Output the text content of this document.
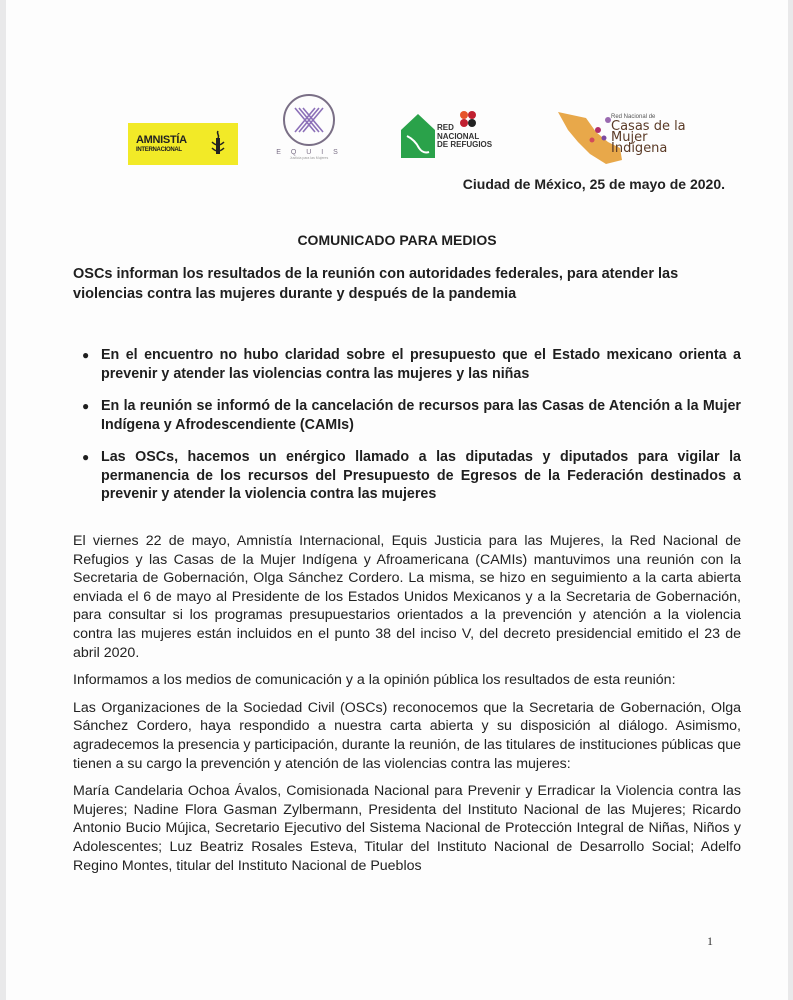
AMNISTÍA
INTERNACIONAL	E Q U I S
Justicia para las Mujeres
RED
NACIONAL
DE REFUGIOS
Red Nacional de
Casas de la
Mujer
Indígena
Ciudad de México, 25 de mayo de 2020.
COMUNICADO PARA MEDIOS
OSCs informan los resultados de la reunión con autoridades federales, para atender las violencias contra las mujeres durante y después de la pandemia
● En el encuentro no hubo claridad sobre el presupuesto que el Estado mexicano orienta a prevenir y atender las violencias contra las mujeres y las niñas
● En la reunión se informó de la cancelación de recursos para las Casas de Atención a la Mujer Indígena y Afrodescendiente (CAMIs)
● Las OSCs, hacemos un enérgico llamado a las diputadas y diputados para vigilar la permanencia de los recursos del Presupuesto de Egresos de la Federación destinados a prevenir y atender la violencia contra las mujeres

El viernes 22 de mayo, Amnistía Internacional, Equis Justicia para las Mujeres, la Red Nacional de Refugios y las Casas de la Mujer Indígena y Afroamericana (CAMIs) mantuvimos una reunión con la Secretaria de Gobernación, Olga Sánchez Cordero. La misma, se hizo en seguimiento a la carta abierta enviada el 6 de mayo al Presidente de los Estados Unidos Mexicanos y a la Secretaria de Gobernación, para consultar si los programas presupuestarios orientados a la prevención y atención a la violencia contra las mujeres están incluidos en el punto 38 del inciso V, del decreto presidencial emitido el 23 de abril 2020.

Informamos a los medios de comunicación y a la opinión pública los resultados de esta reunión:

Las Organizaciones de la Sociedad Civil (OSCs) reconocemos que la Secretaria de Gobernación, Olga Sánchez Cordero, haya respondido a nuestra carta abierta y su disposición al diálogo. Asimismo, agradecemos la presencia y participación, durante la reunión, de las titulares de instituciones públicas que tienen a su cargo la prevención y atención de las violencias contra las mujeres:

María Candelaria Ochoa Ávalos, Comisionada Nacional para Prevenir y Erradicar la Violencia contra las Mujeres; Nadine Flora Gasman Zylbermann, Presidenta del Instituto Nacional de las Mujeres; Ricardo Antonio Bucio Mújica, Secretario Ejecutivo del Sistema Nacional de Protección Integral de Niñas, Niños y Adolescentes; Luz Beatriz Rosales Esteva, Titular del Instituto Nacional de Desarrollo Social; Adelfo Regino Montes, titular del Instituto Nacional de Pueblos

1
